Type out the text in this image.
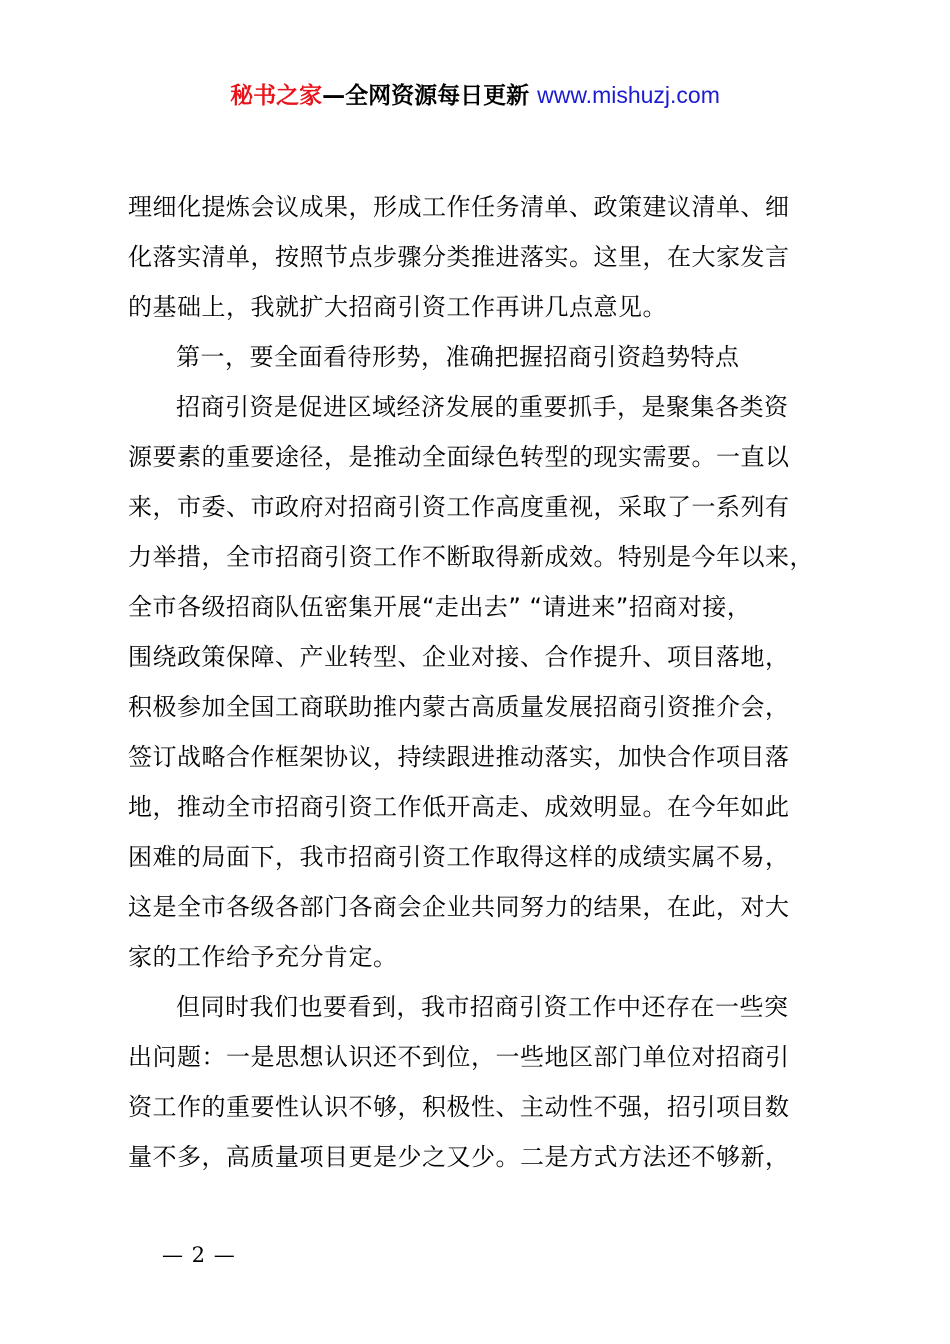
秘书之家—全网资源每日更新 www.mishuzj.com

理细化提炼会议成果，形成工作任务清单、政策建议清单、细
化落实清单，按照节点步骤分类推进落实。这里，在大家发言
的基础上，我就扩大招商引资工作再讲几点意见。

第一，要全面看待形势，准确把握招商引资趋势特点

招商引资是促进区域经济发展的重要抓手，是聚集各类资
源要素的重要途径，是推动全面绿色转型的现实需要。一直以
来，市委、市政府对招商引资工作高度重视，采取了一系列有
力举措，全市招商引资工作不断取得新成效。特别是今年以来，
全市各级招商队伍密集开展“走出去” “请进来”招商对接，
围绕政策保障、产业转型、企业对接、合作提升、项目落地，
积极参加全国工商联助推内蒙古高质量发展招商引资推介会，
签订战略合作框架协议，持续跟进推动落实，加快合作项目落
地，推动全市招商引资工作低开高走、成效明显。在今年如此
困难的局面下，我市招商引资工作取得这样的成绩实属不易，
这是全市各级各部门各商会企业共同努力的结果，在此，对大
家的工作给予充分肯定。

但同时我们也要看到，我市招商引资工作中还存在一些突
出问题：一是思想认识还不到位，一些地区部门单位对招商引
资工作的重要性认识不够，积极性、主动性不强，招引项目数
量不多，高质量项目更是少之又少。二是方式方法还不够新，

— 2 —
